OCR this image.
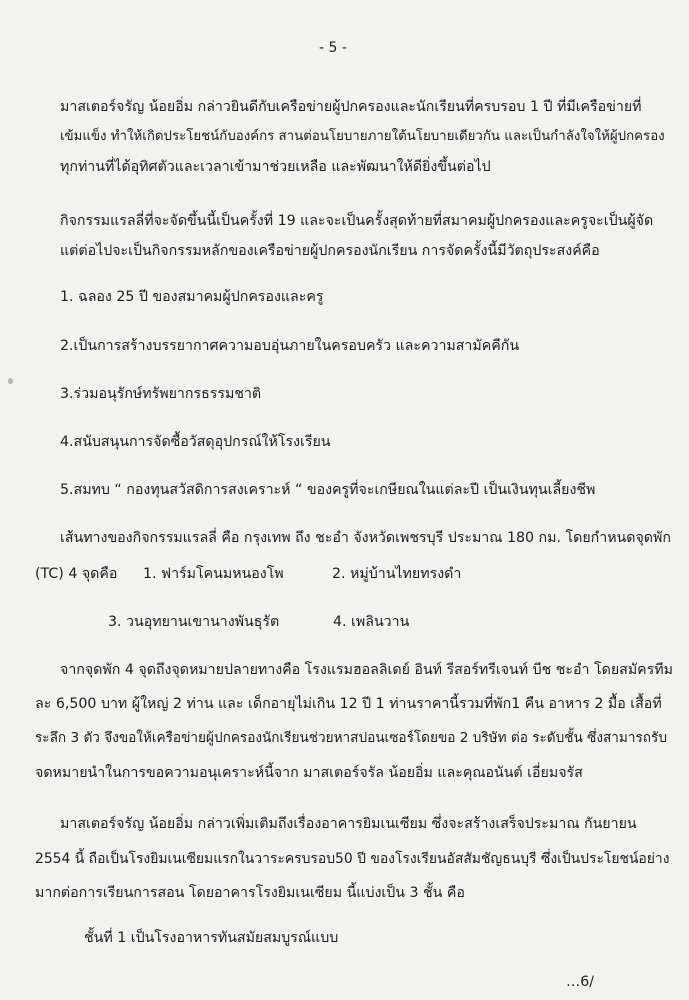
- 5 -

มาสเตอร์จรัญ น้อยอิ่ม กล่าวยินดีกับเครือข่ายผู้ปกครองและนักเรียนที่ครบรอบ 1 ปี ที่มีเครือข่ายที่

เข้มแข็ง ทำให้เกิดประโยชน์กับองค์กร สานต่อนโยบายภายใต้นโยบายเดียวกัน และเป็นกำลังใจให้ผู้ปกครอง

ทุกท่านที่ได้อุทิศตัวและเวลาเข้ามาช่วยเหลือ และพัฒนาให้ดียิ่งขึ้นต่อไป

กิจกรรมแรลลี่ที่จะจัดขึ้นนี้เป็นครั้งที่ 19 และจะเป็นครั้งสุดท้ายที่สมาคมผู้ปกครองและครูจะเป็นผู้จัด

แต่ต่อไปจะเป็นกิจกรรมหลักของเครือข่ายผู้ปกครองนักเรียน การจัดครั้งนี้มีวัตถุประสงค์คือ

1. ฉลอง 25 ปี ของสมาคมผู้ปกครองและครู

2.เป็นการสร้างบรรยากาศความอบอุ่นภายในครอบครัว และความสามัคคีกัน

3.ร่วมอนุรักษ์ทรัพยากรธรรมชาติ

4.สนับสนุนการจัดซื้อวัสดุอุปกรณ์ให้โรงเรียน

5.สมทบ “ กองทุนสวัสดิการสงเคราะห์ “ ของครูที่จะเกษียณในแต่ละปี เป็นเงินทุนเลี้ยงชีพ

เส้นทางของกิจกรรมแรลลี่ คือ กรุงเทพ ถึง ชะอำ จังหวัดเพชรบุรี ประมาณ 180 กม. โดยกำหนดจุดพัก

(TC) 4 จุดคือ 1. ฟาร์มโคนมหนองโพ	2. หมู่บ้านไทยทรงดำ

3. วนอุทยานเขานางพันธุรัต	4. เพลินวาน

จากจุดพัก 4 จุดถึงจุดหมายปลายทางคือ โรงแรมฮอลลิเดย์ อินท์ รีสอร์ทรีเจนท์ บีช ชะอำ โดยสมัครทีม

ละ 6,500 บาท ผู้ใหญ่ 2 ท่าน และ เด็กอายุไม่เกิน 12 ปี 1 ท่านราคานี้รวมที่พัก1 คืน อาหาร 2 มื้อ เสื้อที่

ระลึก 3 ตัว จึงขอให้เครือข่ายผู้ปกครองนักเรียนช่วยหาสปอนเซอร์โดยขอ 2 บริษัท ต่อ ระดับชั้น ซึ่งสามารถรับ

จดหมายนำในการขอความอนุเคราะห์นี้จาก มาสเตอร์จรัล น้อยอิ่ม และคุณอนันต์ เอี่ยมจรัส

มาสเตอร์จรัญ น้อยอิ่ม กล่าวเพิ่มเติมถึงเรื่องอาคารยิมเนเซียม ซึ่งจะสร้างเสร็จประมาณ กันยายน

2554 นี้ ถือเป็นโรงยิมเนเซียมแรกในวาระครบรอบ50 ปี ของโรงเรียนอัสสัมชัญธนบุรี ซึ่งเป็นประโยชน์อย่าง

มากต่อการเรียนการสอน โดยอาคารโรงยิมเนเซียม นี้แบ่งเป็น 3 ชั้น คือ

ชั้นที่ 1 เป็นโรงอาหารทันสมัยสมบูรณ์แบบ

…6/
